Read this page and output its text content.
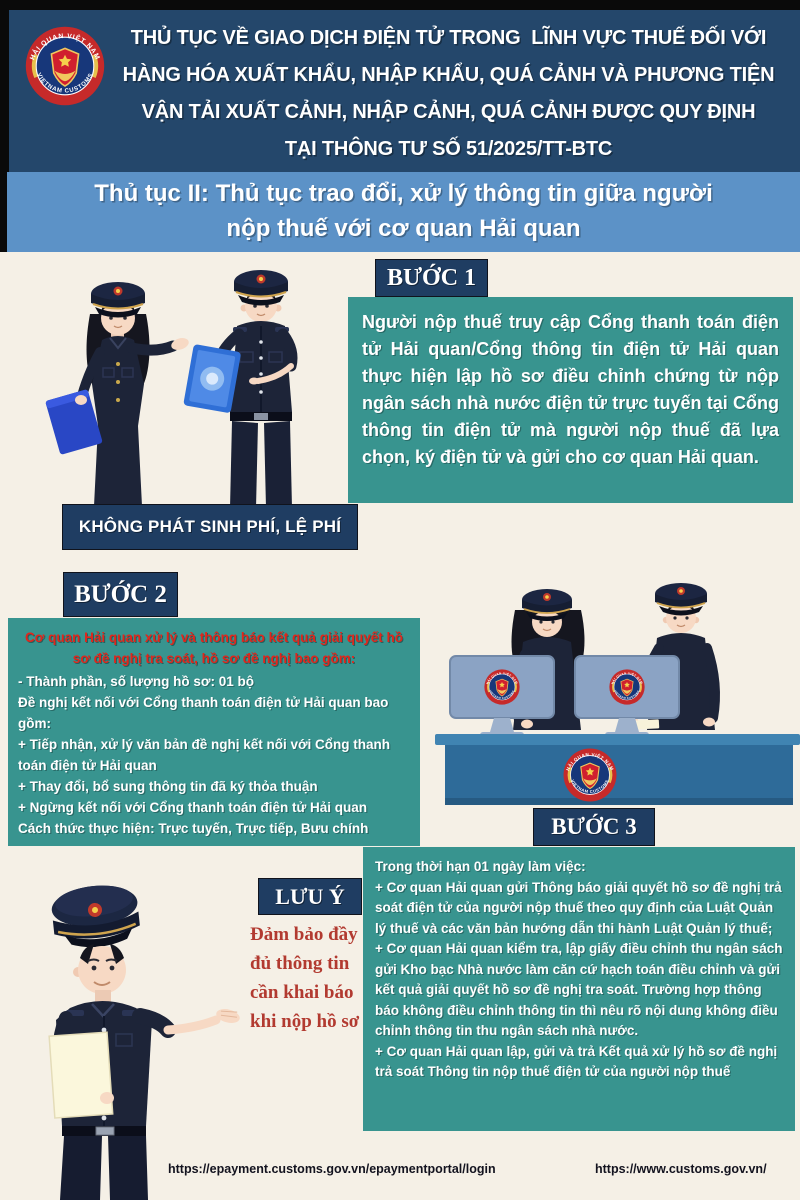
THỦ TỤC VỀ GIAO DỊCH ĐIỆN TỬ TRONG  LĨNH VỰC THUẾ ĐỐI VỚI
HÀNG HÓA XUẤT KHẨU, NHẬP KHẨU, QUÁ CẢNH VÀ PHƯƠNG TIỆN
VẬN TẢI XUẤT CẢNH, NHẬP CẢNH, QUÁ CẢNH ĐƯỢC QUY ĐỊNH
TẠI THÔNG TƯ SỐ 51/2025/TT-BTC
Thủ tục II: Thủ tục trao đổi, xử lý thông tin giữa người
nộp thuế với cơ quan Hải quan
BƯỚC 1
Người nộp thuế truy cập Cổng thanh toán điện tử Hải quan/Cổng thông tin điện tử Hải quan thực hiện lập hồ sơ điều chỉnh chứng từ nộp ngân sách nhà nước điện tử trực tuyến tại Cổng thông tin điện tử mà người nộp thuế đã lựa chọn, ký điện tử và gửi cho cơ quan Hải quan.
KHÔNG PHÁT SINH PHÍ, LỆ PHÍ
BƯỚC 2
Cơ quan Hải quan xử lý và thông báo kết quả giải quyết hồ sơ đề nghị tra soát, hồ sơ đề nghị bao gồm:
- Thành phần, số lượng hồ sơ: 01 bộ
Đề nghị kết nối với Cổng thanh toán điện tử Hải quan bao gồm:
+ Tiếp nhận, xử lý văn bản đề nghị kết nối với Cổng thanh toán điện tử Hải quan
+ Thay đổi, bổ sung thông tin đã ký thỏa thuận
+ Ngừng kết nối với Cổng thanh toán điện tử Hải quan
Cách thức thực hiện: Trực tuyến, Trực tiếp, Bưu chính	BƯỚC 3
Trong thời hạn 01 ngày làm việc:
+ Cơ quan Hải quan gửi Thông báo giải quyết hồ sơ đề nghị trả soát điện tử của người nộp thuế theo quy định của Luật Quản lý thuế và các văn bản hướng dẫn thi hành Luật Quản lý thuế;
+ Cơ quan Hải quan kiểm tra, lập giấy điều chỉnh thu ngân sách gửi Kho bạc Nhà nước làm căn cứ hạch toán điều chỉnh và gửi kết quả giải quyết hồ sơ đề nghị tra soát. Trường hợp thông báo không điều chỉnh thông tin thì nêu rõ nội dung không điều chỉnh thông tin thu ngân sách nhà nước.
+ Cơ quan Hải quan lập, gửi và trả Kết quả xử lý hồ sơ đề nghị trả soát Thông tin nộp thuế điện tử của người nộp thuế
LƯU Ý
Đảm bảo đầy đủ thông tin cần khai báo khi nộp hồ sơ
https://epayment.customs.gov.vn/epaymentportal/login	https://www.customs.gov.vn/
